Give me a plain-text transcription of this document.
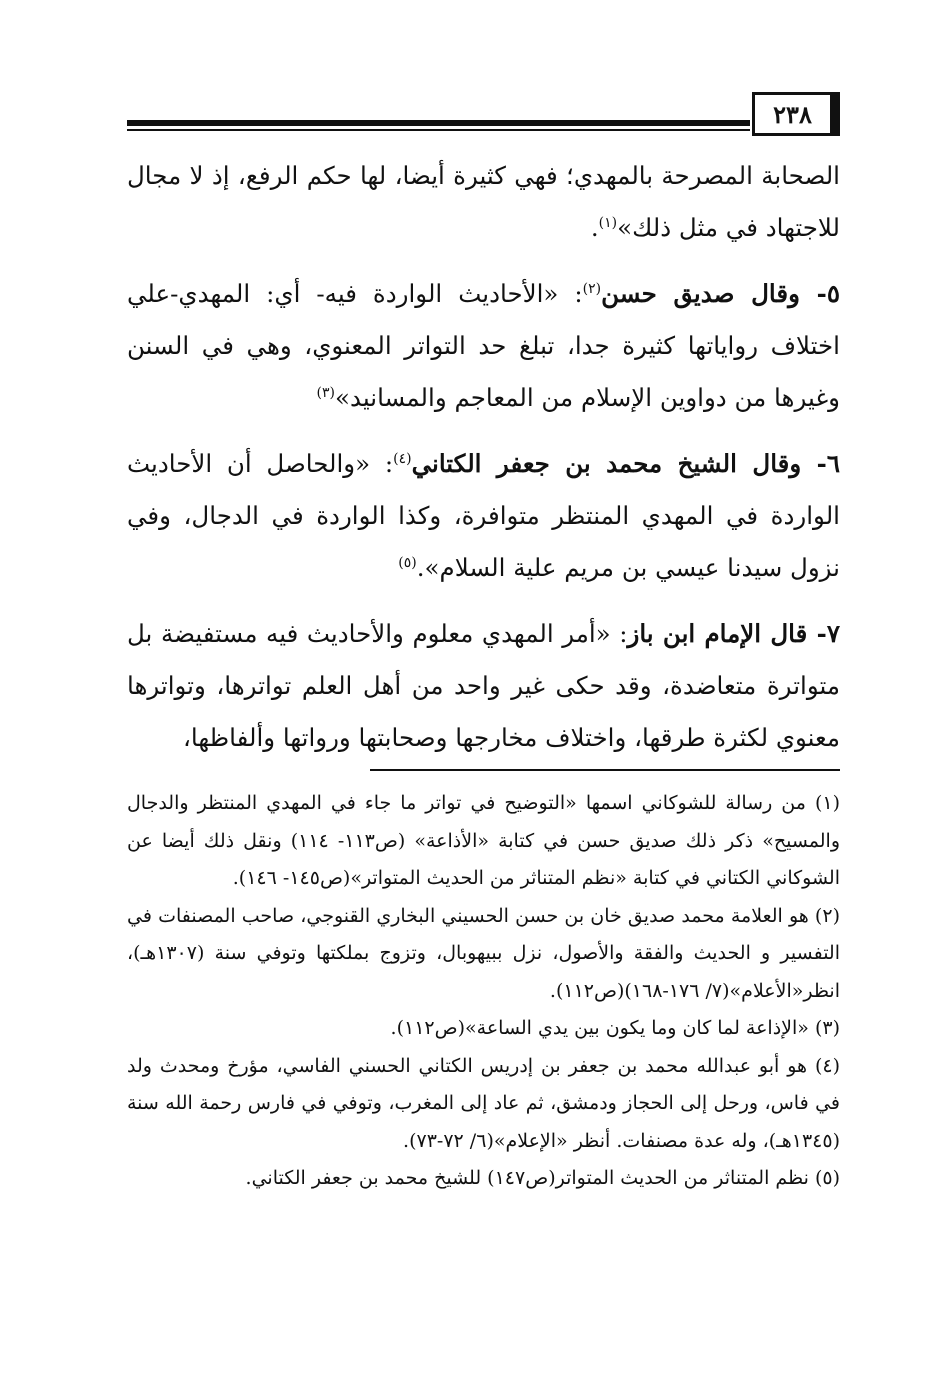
٢٣٨

الصحابة المصرحة بالمهدي؛ فهي كثيرة أيضا، لها حكم الرفع، إذ لا مجال للاجتهاد في مثل ذلك»$^{(١)}$.

٥- وقال صديق حسن$^{(٢)}$: «الأحاديث الواردة فيه- أي: المهدي-علي اختلاف رواياتها كثيرة جدا، تبلغ حد التواتر المعنوي، وهي في السنن وغيرها من دواوين الإسلام من المعاجم والمسانيد»$^{(٣)}$

٦- وقال الشيخ محمد بن جعفر الكتاني$^{(٤)}$: «والحاصل أن الأحاديث الواردة في المهدي المنتظر متوافرة، وكذا الواردة في الدجال، وفي نزول سيدنا عيسي بن مريم علية السلام».$^{(٥)}$

٧- قال الإمام ابن باز: «أمر المهدي معلوم والأحاديث فيه مستفيضة بل متواترة متعاضدة، وقد حكى غير واحد من أهل العلم تواترها، وتواترها معنوي لكثرة طرقها، واختلاف مخارجها وصحابتها ورواتها وألفاظها،

(١) من رسالة للشوكاني اسمها «التوضيح في تواتر ما جاء في المهدي المنتظر والدجال والمسيح» ذكر ذلك صديق حسن في كتابة «الأذاعة» (ص١١٣- ١١٤) ونقل ذلك أيضا عن الشوكاني الكتاني في كتابة «نظم المتناثر من الحديث المتواتر»(ص١٤٥- ١٤٦).

(٢) هو العلامة محمد صديق خان بن حسن الحسيني البخاري القنوجي، صاحب المصنفات في التفسير و الحديث والفقة والأصول، نزل ببيهوبال، وتزوج بملكتها وتوفي سنة (١٣٠٧هـ)، انظر«الأعلام»(٧/ ١٧٦-١٦٨)(ص١١٢).

(٣) «الإذاعة لما كان وما يكون بين يدي الساعة»(ص١١٢).

(٤) هو أبو عبدالله محمد بن جعفر بن إدريس الكتاني الحسني الفاسي، مؤرخ ومحدث ولد في فاس، ورحل إلى الحجاز ودمشق، ثم عاد إلى المغرب، وتوفي في فارس رحمة الله سنة (١٣٤٥هـ)، وله عدة مصنفات. أنظر «الإعلام»(٦/ ٧٢-٧٣).

(٥) نظم المتناثر من الحديث المتواتر(ص١٤٧) للشيخ محمد بن جعفر الكتاني.
